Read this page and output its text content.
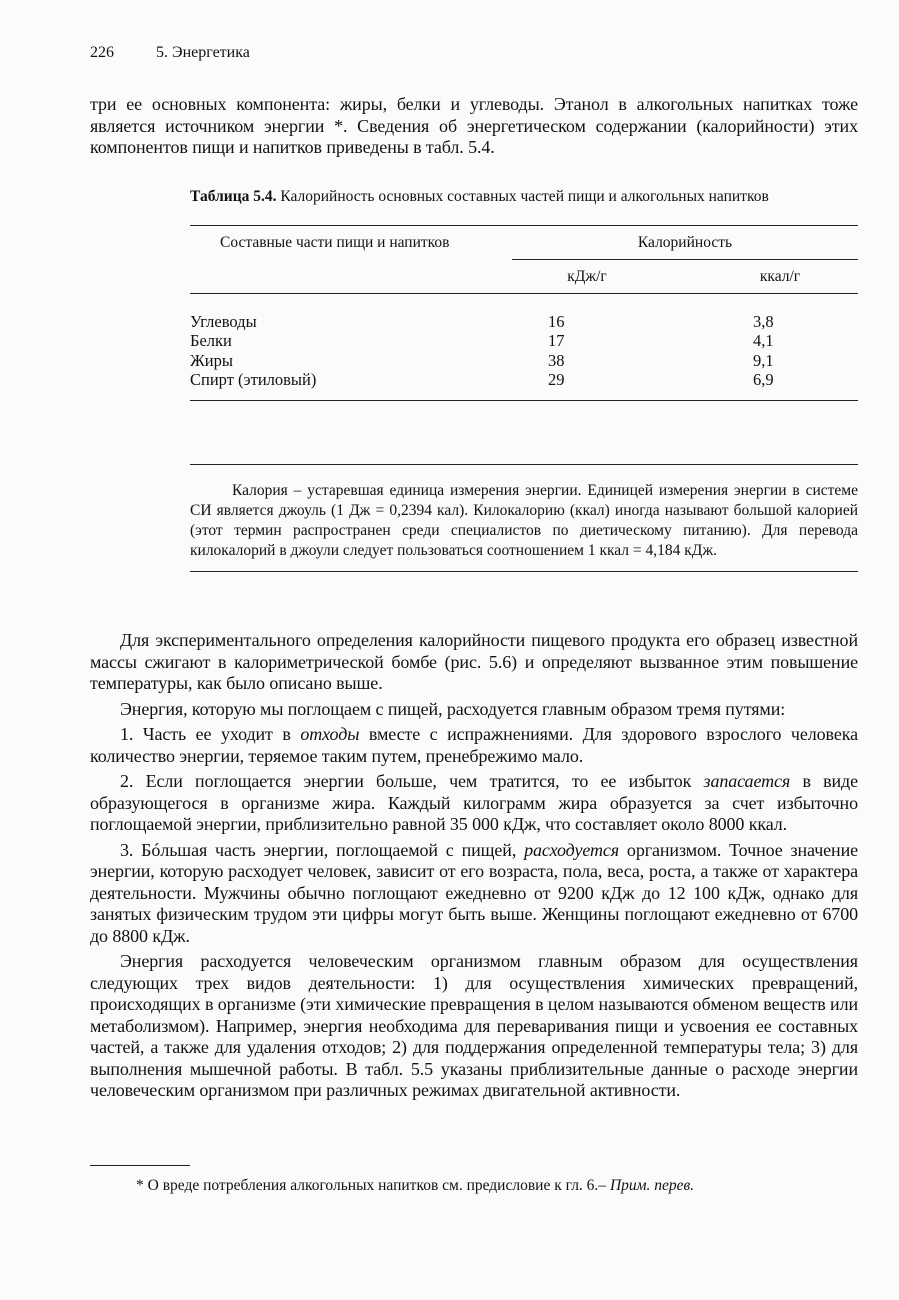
226	5. Энергетика

три ее основных компонента: жиры, белки и углеводы. Этанол в алкогольных напитках тоже является источником энергии *. Сведения об энергетическом содержании (калорийности) этих компонентов пищи и напитков приведены в табл. 5.4.

Таблица 5.4. Калорийность основных составных частей пищи и алкогольных напитков
Составные части пищи и напитков	Калорийность
кДж/г	ккал/г
Углеводы	16	3,8
Белки	17	4,1
Жиры	38	9,1
Спирт (этиловый)	29	6,9

Калория – устаревшая единица измерения энергии. Единицей измерения энергии в системе СИ является джоуль (1 Дж = 0,2394 кал). Килокалорию (ккал) иногда называют большой калорией (этот термин распространен среди специалистов по диетическому питанию). Для перевода килокалорий в джоули следует пользоваться соотношением 1 ккал = 4,184 кДж.

Для экспериментального определения калорийности пищевого продукта его образец известной массы сжигают в калориметрической бомбе (рис. 5.6) и определяют вызванное этим повышение температуры, как было описано выше.

Энергия, которую мы поглощаем с пищей, расходуется главным образом тремя путями:

1. Часть ее уходит в отходы вместе с испражнениями. Для здорового взрослого человека количество энергии, теряемое таким путем, пренебрежимо мало.

2. Если поглощается энергии больше, чем тратится, то ее избыток запасается в виде образующегося в организме жира. Каждый килограмм жира образуется за счет избыточно поглощаемой энергии, приблизительно равной 35 000 кДж, что составляет около 8000 ккал.

3. Бóльшая часть энергии, поглощаемой с пищей, расходуется организмом. Точное значение энергии, которую расходует человек, зависит от его возраста, пола, веса, роста, а также от характера деятельности. Мужчины обычно поглощают ежедневно от 9200 кДж до 12 100 кДж, однако для занятых физическим трудом эти цифры могут быть выше. Женщины поглощают ежедневно от 6700 до 8800 кДж.

Энергия расходуется человеческим организмом главным образом для осуществления следующих трех видов деятельности: 1) для осуществления химических превращений, происходящих в организме (эти химические превращения в целом называются обменом веществ или метаболизмом). Например, энергия необходима для переваривания пищи и усвоения ее составных частей, а также для удаления отходов; 2) для поддержания определенной температуры тела; 3) для выполнения мышечной работы. В табл. 5.5 указаны приблизительные данные о расходе энергии человеческим организмом при различных режимах двигательной активности.

* О вреде потребления алкогольных напитков см. предисловие к гл. 6.– Прим. перев.
